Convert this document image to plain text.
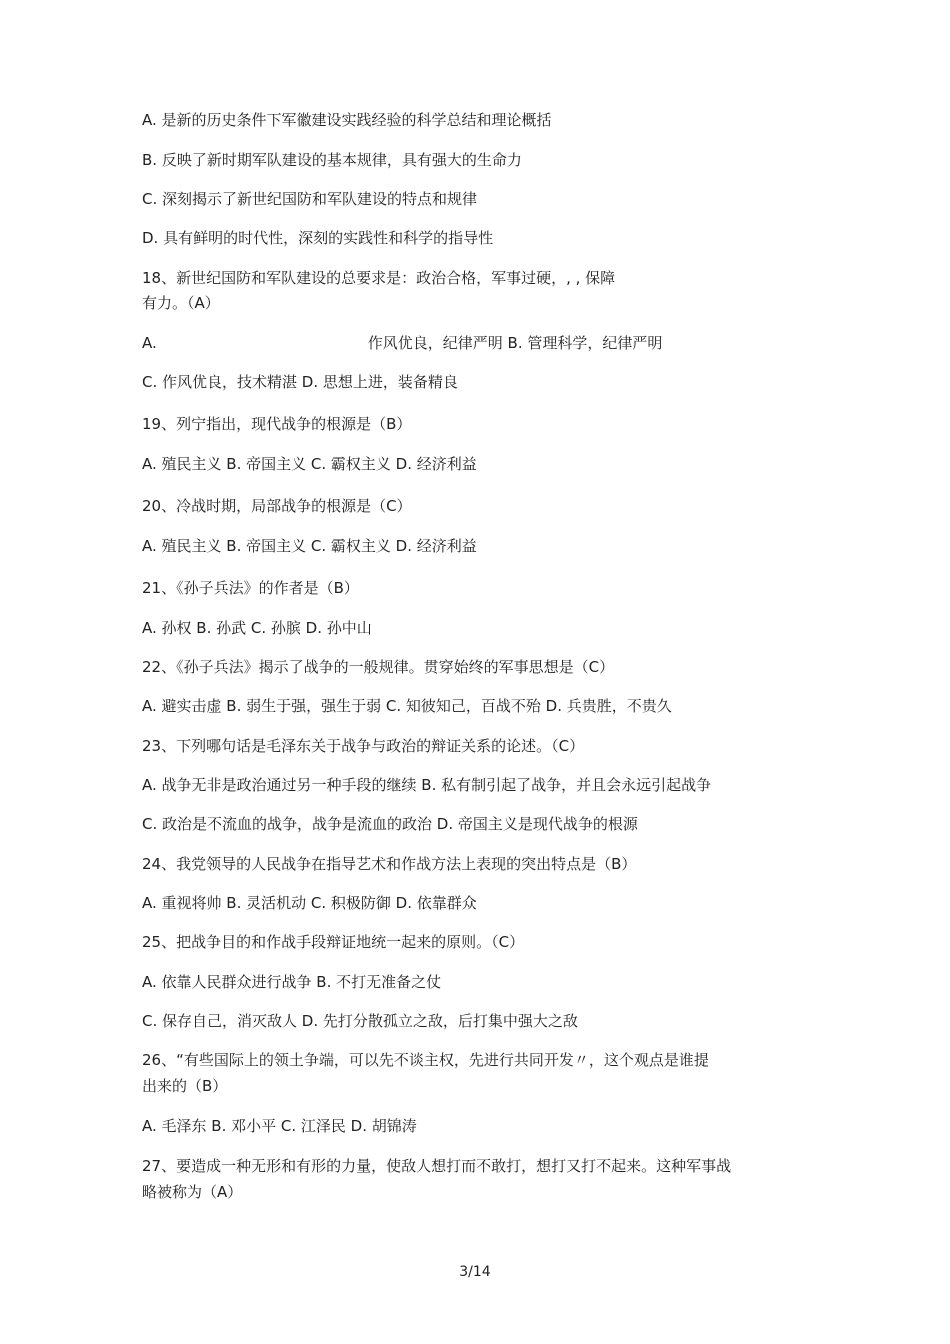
A. 是新的历史条件下军徽建设实践经验的科学总结和理论概括
B. 反映了新时期军队建设的基本规律，具有强大的生命力
C. 深刻揭示了新世纪国防和军队建设的特点和规律
D. 具有鲜明的时代性，深刻的实践性和科学的指导性
18、新世纪国防和军队建设的总要求是：政治合格，军事过硬，, , 保障
有力。（A）
A.	作风优良，纪律严明 B. 管理科学，纪律严明
C. 作风优良，技术精湛 D. 思想上进，装备精良
19、列宁指出，现代战争的根源是（B）
A. 殖民主义 B. 帝国主义 C. 霸权主义 D. 经济利益
20、冷战时期，局部战争的根源是（C）
A. 殖民主义 B. 帝国主义 C. 霸权主义 D. 经济利益
21、《孙子兵法》的作者是（B）
A. 孙权 B. 孙武 C. 孙膑 D. 孙中山
22、《孙子兵法》揭示了战争的一般规律。贯穿始终的军事思想是（C）
A. 避实击虚 B. 弱生于强，强生于弱 C. 知彼知己，百战不殆 D. 兵贵胜，不贵久
23、下列哪句话是毛泽东关于战争与政治的辩证关系的论述。（C）
A. 战争无非是政治通过另一种手段的继续 B. 私有制引起了战争，并且会永远引起战争
C. 政治是不流血的战争，战争是流血的政治 D. 帝国主义是现代战争的根源
24、我党领导的人民战争在指导艺术和作战方法上表现的突出特点是（B）
A. 重视将帅 B. 灵活机动 C. 积极防御 D. 依靠群众
25、把战争目的和作战手段辩证地统一起来的原则。（C）
A. 依靠人民群众进行战争 B. 不打无准备之仗
C. 保存自己，消灭敌人 D. 先打分散孤立之敌，后打集中强大之敌
26、“有些国际上的领土争端，可以先不谈主权，先进行共同开发〃，这个观点是谁提
出来的（B）
A. 毛泽东 B. 邓小平 C. 江泽民 D. 胡锦涛
27、要造成一种无形和有形的力量，使敌人想打而不敢打，想打又打不起来。这种军事战
略被称为（A）
3/14
